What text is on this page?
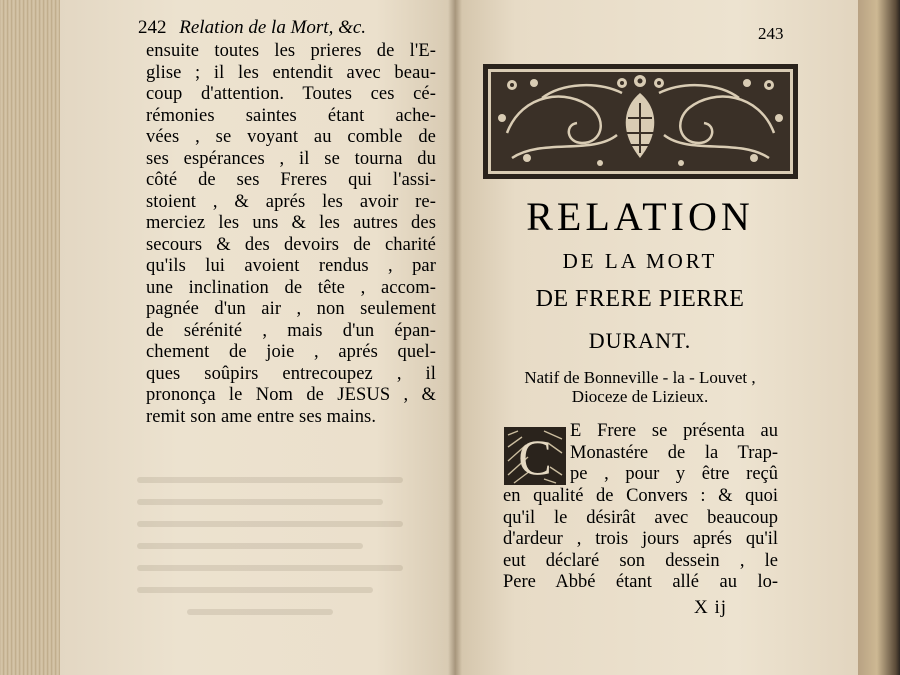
242 Relation de la Mort, &c.
ensuite toutes les prieres de l'E-
glise ; il les entendit avec beau-
coup d'attention. Toutes ces cé-
rémonies saintes étant ache-
vées , se voyant au comble de
ses espérances , il se tourna du
côté de ses Freres qui l'assi-
stoient , & aprés les avoir re-
merciez les uns & les autres des
secours & des devoirs de charité
qu'ils lui avoient rendus , par
une inclination de tête , accom-
pagnée d'un air , non seulement
de sérénité , mais d'un épan-
chement de joie , aprés quel-
ques soûpirs entrecoupez , il
prononça le Nom de JESUS , &
remit son ame entre ses mains.
243
RELATION
DE LA MORT
DE FRERE PIERRE
DURANT.
Natif de Bonneville - la - Louvet ,
Dioceze de Lizieux.
C E Frere se présenta au
Monastére de la Trap-
pe , pour y être reçû
en qualité de Convers : & quoi
qu'il le désirât avec beaucoup
d'ardeur , trois jours aprés qu'il
eut déclaré son dessein , le
Pere Abbé étant allé au lo-
X ij
